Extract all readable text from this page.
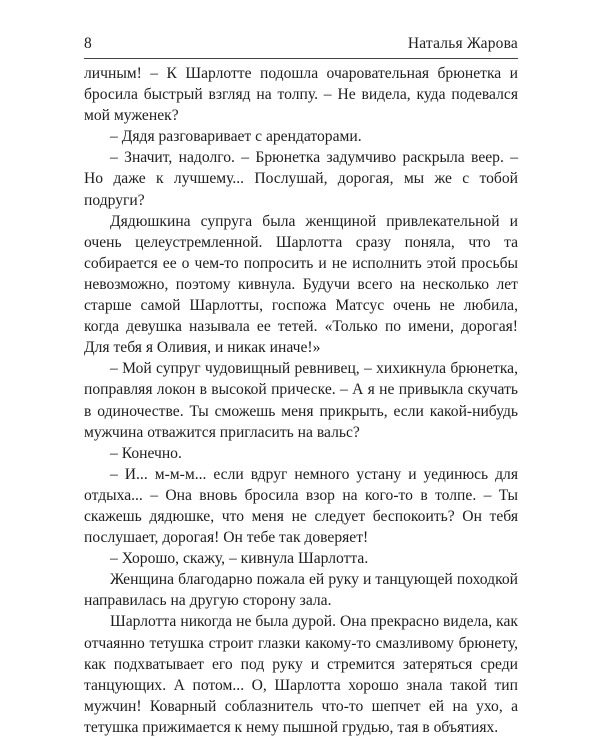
8	Наталья Жарова

личным! – К Шарлотте подошла очаровательная брюнетка и бросила быстрый взгляд на толпу. – Не видела, куда подевался мой муженек?

– Дядя разговаривает с арендаторами.

– Значит, надолго. – Брюнетка задумчиво раскрыла веер. – Но даже к лучшему... Послушай, дорогая, мы же с тобой подруги?

Дядюшкина супруга была женщиной привлекательной и очень целеустремленной. Шарлотта сразу поняла, что та собирается ее о чем-то попросить и не исполнить этой просьбы невозможно, поэтому кивнула. Будучи всего на несколько лет старше самой Шарлотты, госпожа Матсус очень не любила, когда девушка называла ее тетей. «Только по имени, дорогая! Для тебя я Оливия, и никак иначе!»

– Мой супруг чудовищный ревнивец, – хихикнула брюнетка, поправляя локон в высокой прическе. – А я не привыкла скучать в одиночестве. Ты сможешь меня прикрыть, если какой-нибудь мужчина отважится пригласить на вальс?

– Конечно.

– И... м-м-м... если вдруг немного устану и уединюсь для отдыха... – Она вновь бросила взор на кого-то в толпе. – Ты скажешь дядюшке, что меня не следует беспокоить? Он тебя послушает, дорогая! Он тебе так доверяет!

– Хорошо, скажу, – кивнула Шарлотта.

Женщина благодарно пожала ей руку и танцующей походкой направилась на другую сторону зала.

Шарлотта никогда не была дурой. Она прекрасно видела, как отчаянно тетушка строит глазки какому-то смазливому брюнету, как подхватывает его под руку и стремится затеряться среди танцующих. А потом... О, Шарлотта хорошо знала такой тип мужчин! Коварный соблазнитель что-то шепчет ей на ухо, а тетушка прижимается к нему пышной грудью, тая в объятиях.
